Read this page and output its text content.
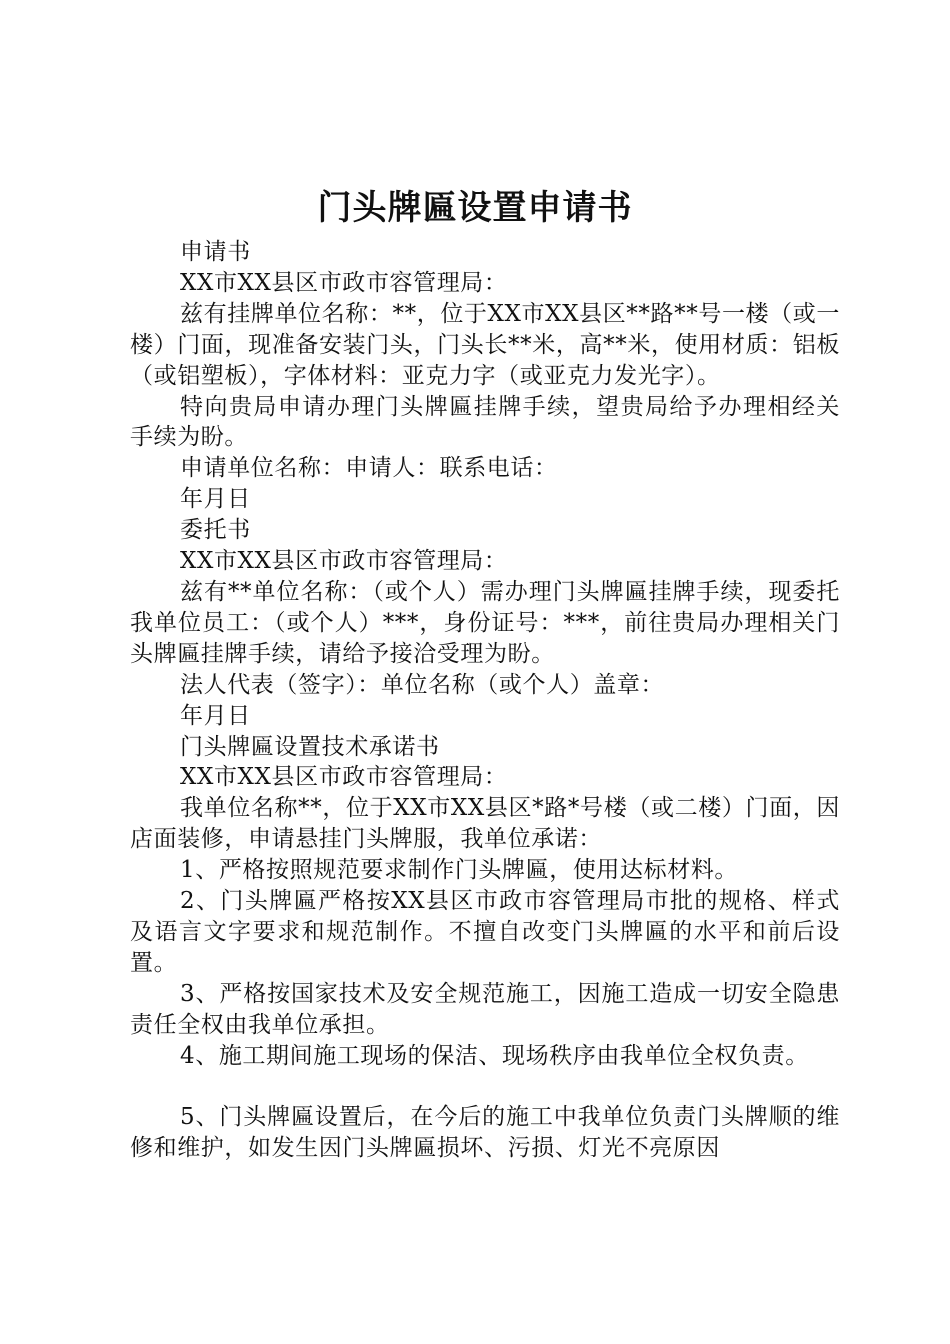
门头牌匾设置申请书

申请书

XX市XX县区市政市容管理局：

兹有挂牌单位名称：**，位于XX市XX县区**路**号一楼（或一楼）门面，现准备安装门头，门头长**米，高**米，使用材质：铝板（或铝塑板），字体材料：亚克力字（或亚克力发光字）。

特向贵局申请办理门头牌匾挂牌手续，望贵局给予办理相经关手续为盼。

申请单位名称：申请人：联系电话：

年月日

委托书

XX市XX县区市政市容管理局：

兹有**单位名称：（或个人）需办理门头牌匾挂牌手续，现委托我单位员工：（或个人）***，身份证号：***，前往贵局办理相关门头牌匾挂牌手续，请给予接洽受理为盼。

法人代表（签字）：单位名称（或个人）盖章：

年月日

门头牌匾设置技术承诺书

XX市XX县区市政市容管理局：

我单位名称**，位于XX市XX县区*路*号楼（或二楼）门面，因店面装修，申请悬挂门头牌服，我单位承诺：

1、严格按照规范要求制作门头牌匾，使用达标材料。

2、门头牌匾严格按XX县区市政市容管理局市批的规格、样式及语言文字要求和规范制作。不擅自改变门头牌匾的水平和前后设置。

3、严格按国家技术及安全规范施工，因施工造成一切安全隐患责任全权由我单位承担。

4、施工期间施工现场的保洁、现场秩序由我单位全权负责。

5、门头牌匾设置后，在今后的施工中我单位负责门头牌顺的维修和维护，如发生因门头牌匾损坏、污损、灯光不亮原因
